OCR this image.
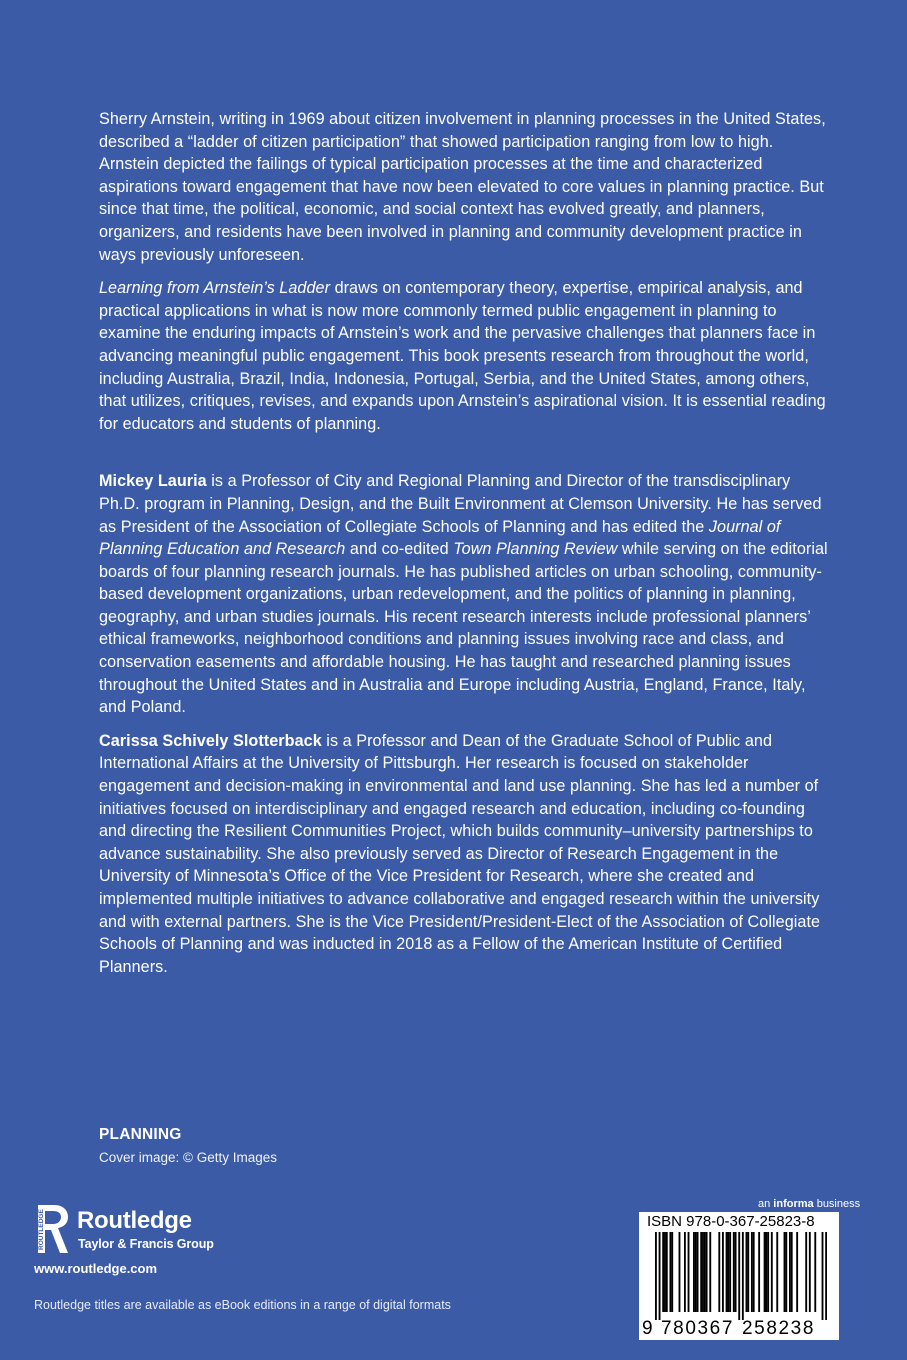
Sherry Arnstein, writing in 1969 about citizen involvement in planning processes in the United States, described a “ladder of citizen participation” that showed participation ranging from low to high. Arnstein depicted the failings of typical participation processes at the time and characterized aspirations toward engagement that have now been elevated to core values in planning practice. But since that time, the political, economic, and social context has evolved greatly, and planners, organizers, and residents have been involved in planning and community development practice in ways previously unforeseen.

Learning from Arnstein’s Ladder draws on contemporary theory, expertise, empirical analysis, and practical applications in what is now more commonly termed public engagement in planning to examine the enduring impacts of Arnstein’s work and the pervasive challenges that planners face in advancing meaningful public engagement. This book presents research from throughout the world, including Australia, Brazil, India, Indonesia, Portugal, Serbia, and the United States, among others, that utilizes, critiques, revises, and expands upon Arnstein’s aspirational vision. It is essential reading for educators and students of planning.

Mickey Lauria is a Professor of City and Regional Planning and Director of the transdisciplinary Ph.D. program in Planning, Design, and the Built Environment at Clemson University. He has served as President of the Association of Collegiate Schools of Planning and has edited the Journal of Planning Education and Research and co-edited Town Planning Review while serving on the editorial boards of four planning research journals. He has published articles on urban schooling, community-based development organizations, urban redevelopment, and the politics of planning in planning, geography, and urban studies journals. His recent research interests include professional planners’ ethical frameworks, neighborhood conditions and planning issues involving race and class, and conservation easements and affordable housing. He has taught and researched planning issues throughout the United States and in Australia and Europe including Austria, England, France, Italy, and Poland.

Carissa Schively Slotterback is a Professor and Dean of the Graduate School of Public and International Affairs at the University of Pittsburgh. Her research is focused on stakeholder engagement and decision-making in environmental and land use planning. She has led a number of initiatives focused on interdisciplinary and engaged research and education, including co-founding and directing the Resilient Communities Project, which builds community–university partnerships to advance sustainability. She also previously served as Director of Research Engagement in the University of Minnesota’s Office of the Vice President for Research, where she created and implemented multiple initiatives to advance collaborative and engaged research within the university and with external partners. She is the Vice President/President-Elect of the Association of Collegiate Schools of Planning and was inducted in 2018 as a Fellow of the American Institute of Certified Planners.

PLANNING
Cover image: © Getty Images
ROUTLEDGE Routledge
Taylor & Francis Group
www.routledge.com
Routledge titles are available as eBook editions in a range of digital formats
an informa business
ISBN 978-0-367-25823-8
9 780367 258238
